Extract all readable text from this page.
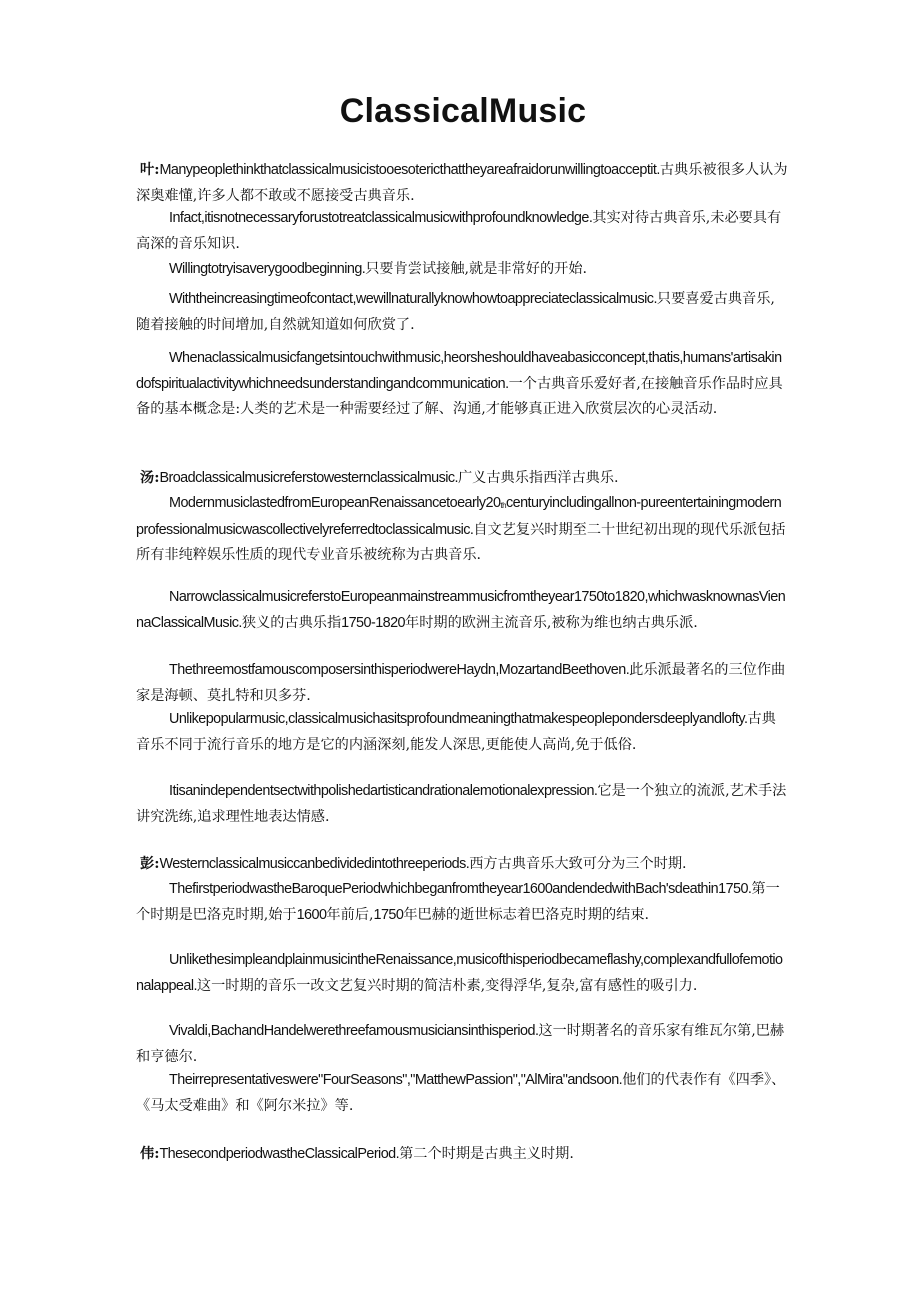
ClassicalMusic
叶:Manypeoplethinkthatclassicalmusicistooesotericthattheyareafraidorunwillingtoacceptit.古典乐被很多人认为深奥难懂,许多人都不敢或不愿接受古典音乐.
Infact,itisnotnecessaryforustotreatclassicalmusicwithprofoundknowledge.其实对待古典音乐,未必要具有高深的音乐知识.
Willingtotryisaverygoodbeginning.只要肯尝试接触,就是非常好的开始.
Withtheincreasingtimeofcontact,wewillnaturallyknowhowtoappreciateclassicalmusic.只要喜爱古典音乐,随着接触的时间增加,自然就知道如何欣赏了.
Whenaclassicalmusicfangetsintouchwithmusic,heorsheshouldhaveabasicconcept,thatis,humans'artisakindofspiritualactivitywhichneedsunderstandingandcommunication.一个古典音乐爱好者,在接触音乐作品时应具备的基本概念是:人类的艺术是一种需要经过了解、沟通,才能够真正进入欣赏层次的心灵活动.
汤:Broadclassicalmusicreferstowesternclassicalmusic.广义古典乐指西洋古典乐.
$ModernmusiclastedfromEuropeanRenaissancetoearly20_{th}centuryincludingallnon$-pureentertainingmodernprofessionalmusicwascollectivelyreferredtoclassicalmusic.自文艺复兴时期至二十世纪初出现的现代乐派包括所有非纯粹娱乐性质的现代专业音乐被统称为古典音乐.
NarrowclassicalmusicreferstoEuropeanmainstreammusicfromtheyear1750to1820,whichwasknownasViennaClassicalMusic.狭义的古典乐指1750-1820年时期的欧洲主流音乐,被称为维也纳古典乐派.
ThethreemostfamouscomposersinthisperiodwereHaydn,MozartandBeethoven.此乐派最著名的三位作曲家是海顿、莫扎特和贝多芬.
Unlikepopularmusic,classicalmusichasitsprofoundmeaningthatmakespeoplepondersdeeplyandlofty.古典音乐不同于流行音乐的地方是它的内涵深刻,能发人深思,更能使人高尚,免于低俗.
Itisanindependentsectwithpolishedartisticandrationalemotionalexpression.它是一个独立的流派,艺术手法讲究洗练,追求理性地表达情感.
彭:Westernclassicalmusiccanbedividedintothreeperiods.西方古典音乐大致可分为三个时期.
ThefirstperiodwastheBaroquePeriodwhichbeganfromtheyear1600andendedwithBach'sdeathin1750.第一个时期是巴洛克时期,始于1600年前后,1750年巴赫的逝世标志着巴洛克时期的结束.
UnlikethesimpleandplainmusicintheRenaissance,musicofthisperiodbecameflashy,complexandfullofemotionalappeal.这一时期的音乐一改文艺复兴时期的简洁朴素,变得浮华,复杂,富有感性的吸引力.
Vivaldi,BachandHandelwerethreefamousmusiciansinthisperiod.这一时期著名的音乐家有维瓦尔第,巴赫和亨德尔.
Theirrepresentativeswere"FourSeasons","MatthewPassion","AlMira"andsoon.他们的代表作有《四季》、《马太受难曲》和《阿尔米拉》等.
伟:ThesecondperiodwastheClassicalPeriod.第二个时期是古典主义时期.
